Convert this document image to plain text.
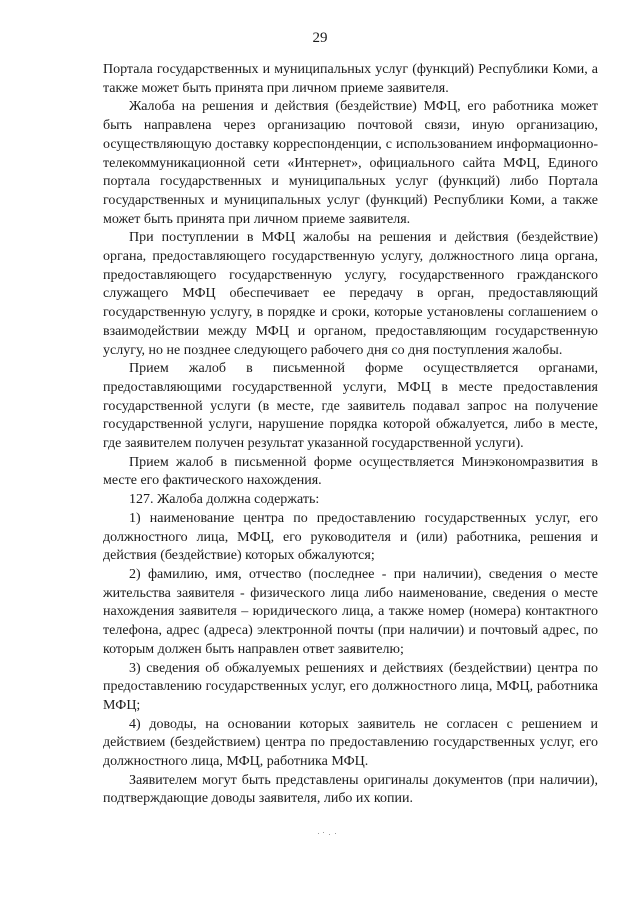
29

Портала государственных и муниципальных услуг (функций) Республики Коми, а также может быть принята при личном приеме заявителя.

Жалоба на решения и действия (бездействие) МФЦ, его работника может быть направлена через организацию почтовой связи, иную организацию, осуществляющую доставку корреспонденции, с использованием информационно-телекоммуникационной сети «Интернет», официального сайта МФЦ, Единого портала государственных и муниципальных услуг (функций) либо Портала государственных и муниципальных услуг (функций) Республики Коми, а также может быть принята при личном приеме заявителя.

При поступлении в МФЦ жалобы на решения и действия (бездействие) органа, предоставляющего государственную услугу, должностного лица органа, предоставляющего государственную услугу, государственного гражданского служащего МФЦ обеспечивает ее передачу в орган, предоставляющий государственную услугу, в порядке и сроки, которые установлены соглашением о взаимодействии между МФЦ и органом, предоставляющим государственную услугу, но не позднее следующего рабочего дня со дня поступления жалобы.

Прием жалоб в письменной форме осуществляется органами, предоставляющими государственной услуги, МФЦ в месте предоставления государственной услуги (в месте, где заявитель подавал запрос на получение государственной услуги, нарушение порядка которой обжалуется, либо в месте, где заявителем получен результат указанной государственной услуги).

Прием жалоб в письменной форме осуществляется Минэкономразвития в месте его фактического нахождения.

127. Жалоба должна содержать:

1) наименование центра по предоставлению государственных услуг, его должностного лица, МФЦ, его руководителя и (или) работника, решения и действия (бездействие) которых обжалуются;

2) фамилию, имя, отчество (последнее - при наличии), сведения о месте жительства заявителя - физического лица либо наименование, сведения о месте нахождения заявителя – юридического лица, а также номер (номера) контактного телефона, адрес (адреса) электронной почты (при наличии) и почтовый адрес, по которым должен быть направлен ответ заявителю;

3) сведения об обжалуемых решениях и действиях (бездействии) центра по предоставлению государственных услуг, его должностного лица, МФЦ, работника МФЦ;

4) доводы, на основании которых заявитель не согласен с решением и действием (бездействием) центра по предоставлению государственных услуг, его должностного лица, МФЦ, работника МФЦ.

Заявителем могут быть представлены оригиналы документов (при наличии), подтверждающие доводы заявителя, либо их копии.
